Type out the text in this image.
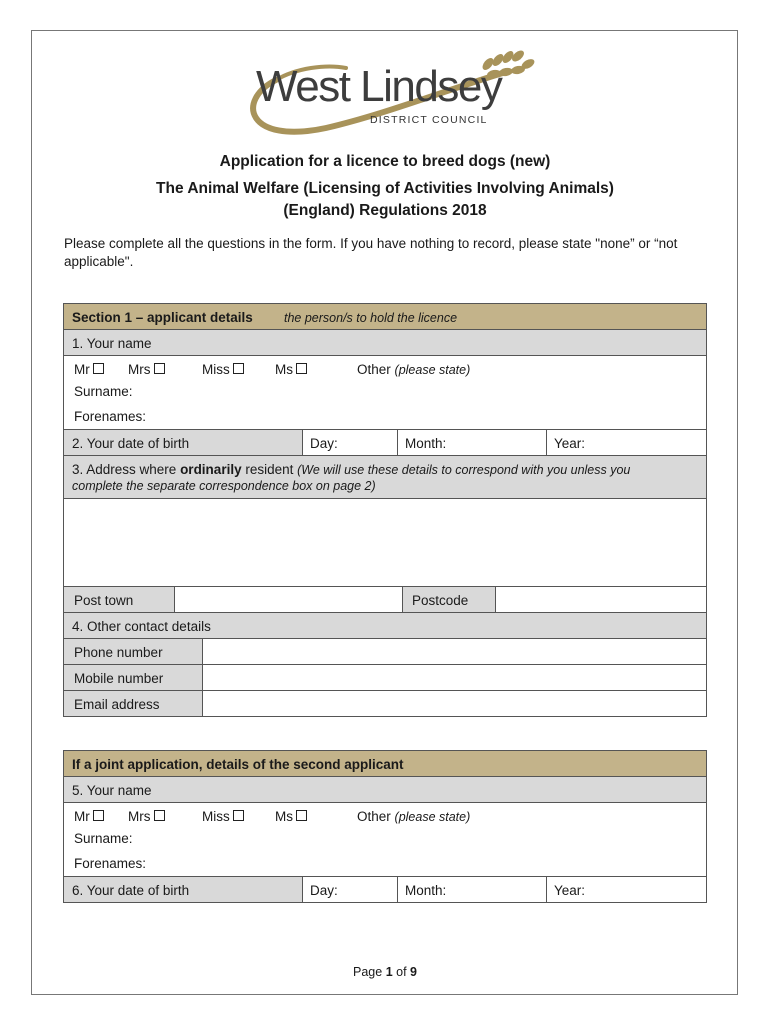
West Lindsey
DISTRICT COUNCIL
Application for a licence to breed dogs (new)
The Animal Welfare (Licensing of Activities Involving Animals)
(England) Regulations 2018
Please complete all the questions in the form. If you have nothing to record, please state "none” or “not applicable".
Section 1 – applicant details the person/s to hold the licence
1. Your name
Mr	Mrs	Miss	Ms	Other (please state)
Surname:
Forenames:
2. Your date of birth	Day:	Month:	Year:
3. Address where ordinarily resident (We will use these details to correspond with you unless you
complete the separate correspondence box on page 2)
Post town	Postcode
4. Other contact details
Phone number
Mobile number
Email address
If a joint application, details of the second applicant
5. Your name
Mr	Mrs	Miss	Ms	Other (please state)
Surname:
Forenames:
6. Your date of birth	Day:	Month:	Year:
Page 1 of 9
